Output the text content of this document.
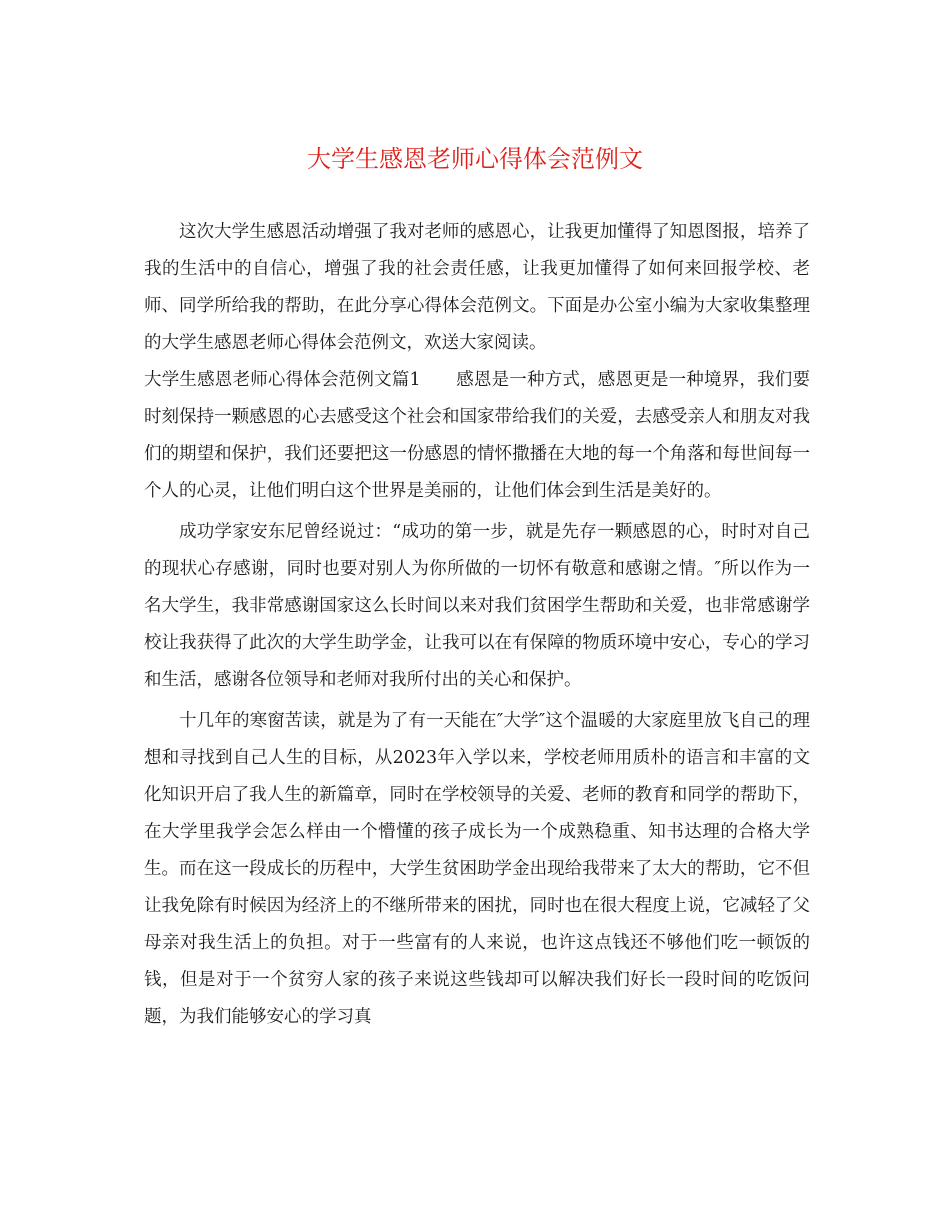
大学生感恩老师心得体会范例文

这次大学生感恩活动增强了我对老师的感恩心，让我更加懂得了知恩图报，培养了我的生活中的自信心，增强了我的社会责任感，让我更加懂得了如何来回报学校、老师、同学所给我的帮助，在此分享心得体会范例文。下面是办公室小编为大家收集整理的大学生感恩老师心得体会范例文，欢送大家阅读。

大学生感恩老师心得体会范例文篇1　　感恩是一种方式，感恩更是一种境界，我们要时刻保持一颗感恩的心去感受这个社会和国家带给我们的关爱，去感受亲人和朋友对我们的期望和保护，我们还要把这一份感恩的情怀撒播在大地的每一个角落和每世间每一个人的心灵，让他们明白这个世界是美丽的，让他们体会到生活是美好的。

成功学家安东尼曾经说过：“成功的第一步，就是先存一颗感恩的心，时时对自己的现状心存感谢，同时也要对别人为你所做的一切怀有敬意和感谢之情。″所以作为一名大学生，我非常感谢国家这么长时间以来对我们贫困学生帮助和关爱，也非常感谢学校让我获得了此次的大学生助学金，让我可以在有保障的物质环境中安心，专心的学习和生活，感谢各位领导和老师对我所付出的关心和保护。

十几年的寒窗苦读，就是为了有一天能在″大学″这个温暖的大家庭里放飞自己的理想和寻找到自己人生的目标，从2023年入学以来，学校老师用质朴的语言和丰富的文化知识开启了我人生的新篇章，同时在学校领导的关爱、老师的教育和同学的帮助下，在大学里我学会怎么样由一个懵懂的孩子成长为一个成熟稳重、知书达理的合格大学生。而在这一段成长的历程中，大学生贫困助学金出现给我带来了太大的帮助，它不但让我免除有时候因为经济上的不继所带来的困扰，同时也在很大程度上说，它减轻了父母亲对我生活上的负担。对于一些富有的人来说，也许这点钱还不够他们吃一顿饭的钱，但是对于一个贫穷人家的孩子来说这些钱却可以解决我们好长一段时间的吃饭问题，为我们能够安心的学习真
